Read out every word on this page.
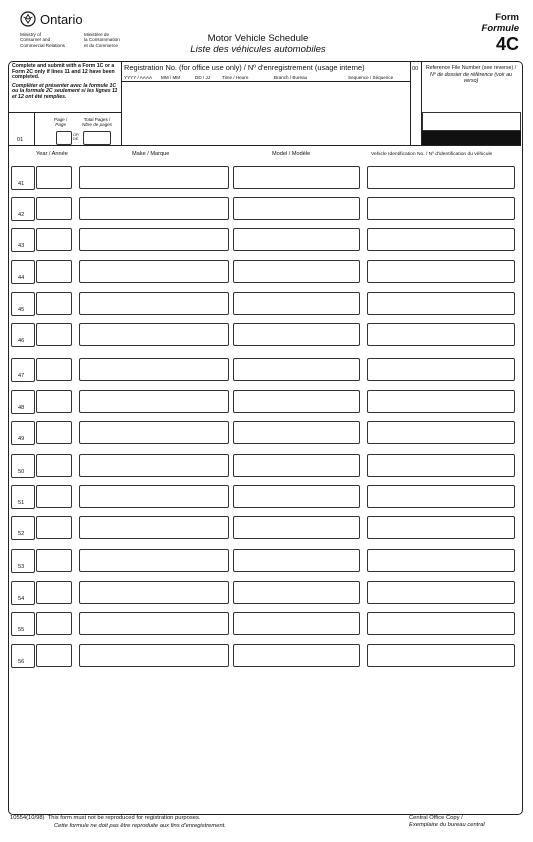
Ontario
Ministry of
Consumer and
Commercial Relations
Ministère de
la Consommation
et du Commerce
Motor Vehicle Schedule
Liste des véhicules automobiles
Form
Formule
4C
Complete and submit with a Form 1C or a Form 2C only if lines 11 and 12 have been completed.
Compléter et présenter avec la formule 1C ou la formule 2C seulement si les lignes 11 et 12 ont été remplies.
01
Page /
Page
Total Pages /
Nbre de pages
OF/ DE
Registration No. (for office use only) / Nº d'enregistrement (usage interne)
YYYY / AAAA MM / MM	DD / JJ	Time / Heure	Branch / Bureau	Sequence / Séquence
00	Reference File Number (see reverse) /
Nº de dossier de référence (voir au verso)
Year / Année	Make / Marque	Model / Modèle	Vehicle Identification No. / Nº d'identification du véhicule
41
42
43
44
45
46
47
48
49
50
51
52
53
54
55
56
10554(10/98) This form must not be reproduced for registration purposes.
Cette formule ne doit pas être reproduite aux fins d'enregistrement.
Central Office Copy /
Exemplaire du bureau central
